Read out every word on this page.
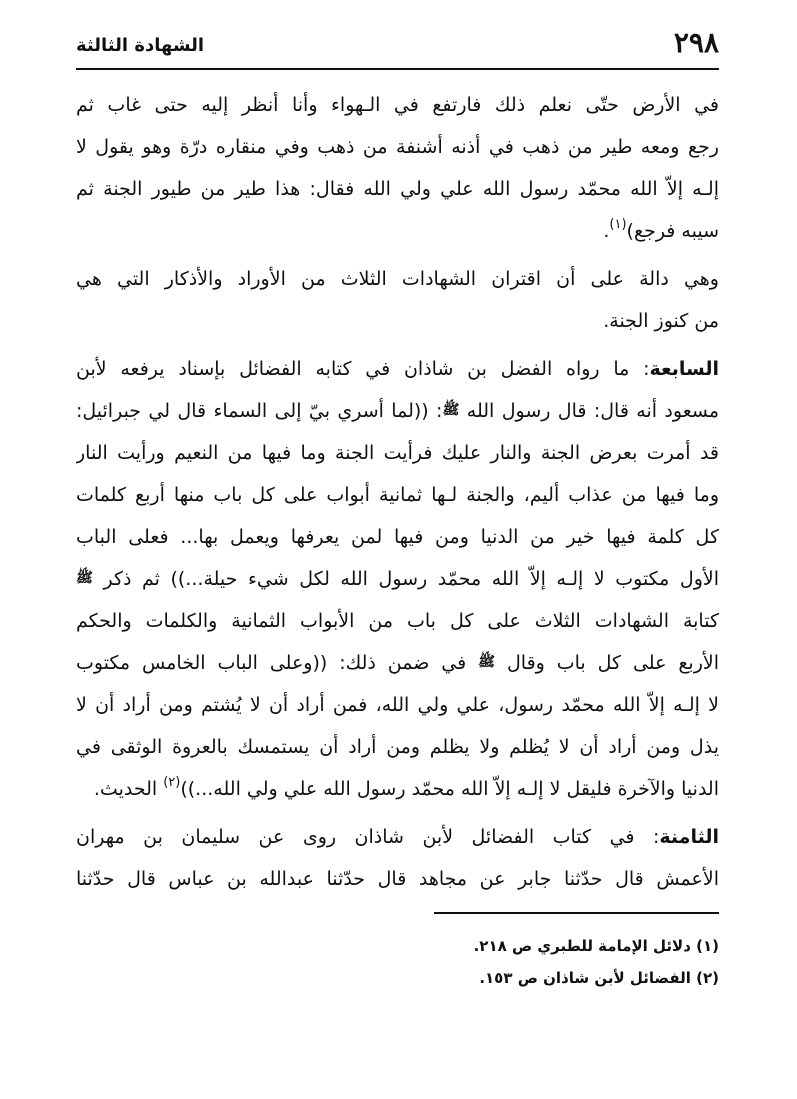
٢٩٨
الشهادة الثالثة
في الأرض حتّى نعلم ذلك فارتفع في الـهواء وأنا أنظر إليه حتى غاب ثم
رجع ومعه طير من ذهب في أذنه أشنفة من ذهب وفي منقاره درّة وهو يقول لا
إلـه إلاّ الله محمّد رسول الله علي ولي الله فقال: هذا طير من طيور الجنة ثم
سيبه فرجع)$^{(١)}$.
وهي دالة على أن اقتران الشهادات الثلاث من الأوراد والأذكار التي هي
من كنوز الجنة.
السابعة: ما رواه الفضل بن شاذان في كتابه الفضائل بإسناد يرفعه لأبن
مسعود أنه قال: قال رسول الله ﷺ: ((لما أسري بيّ إلى السماء قال لي جبرائيل:
قد أمرت بعرض الجنة والنار عليك فرأيت الجنة وما فيها من النعيم ورأيت النار
وما فيها من عذاب أليم، والجنة لـها ثمانية أبواب على كل باب منها أربع كلمات
كل كلمة فيها خير من الدنيا ومن فيها لمن يعرفها ويعمل بها... فعلى الباب
الأول مكتوب لا إلـه إلاّ الله محمّد رسول الله لكل شيء حيلة...)) ثم ذكر ﷺ
كتابة الشهادات الثلاث على كل باب من الأبواب الثمانية والكلمات والحكم
الأربع على كل باب وقال ﷺ في ضمن ذلك: ((وعلى الباب الخامس مكتوب
لا إلـه إلاّ الله محمّد رسول، علي ولي الله، فمن أراد أن لا يُشتم ومن أراد أن لا
يذل ومن أراد أن لا يُظلم ولا يظلم ومن أراد أن يستمسك بالعروة الوثقى في
الدنيا والآخرة فليقل لا إلـه إلاّ الله محمّد رسول الله علي ولي الله...))$^{(٢)}$ الحديث.
الثامنة: في كتاب الفضائل لأبن شاذان روى عن سليمان بن مهران
الأعمش قال حدّثنا جابر عن مجاهد قال حدّثنا عبدالله بن عباس قال حدّثنا
(١) دلائل الإمامة للطبري ص ٢١٨.
(٢) الفضائل لأبن شاذان ص ١٥٣.
